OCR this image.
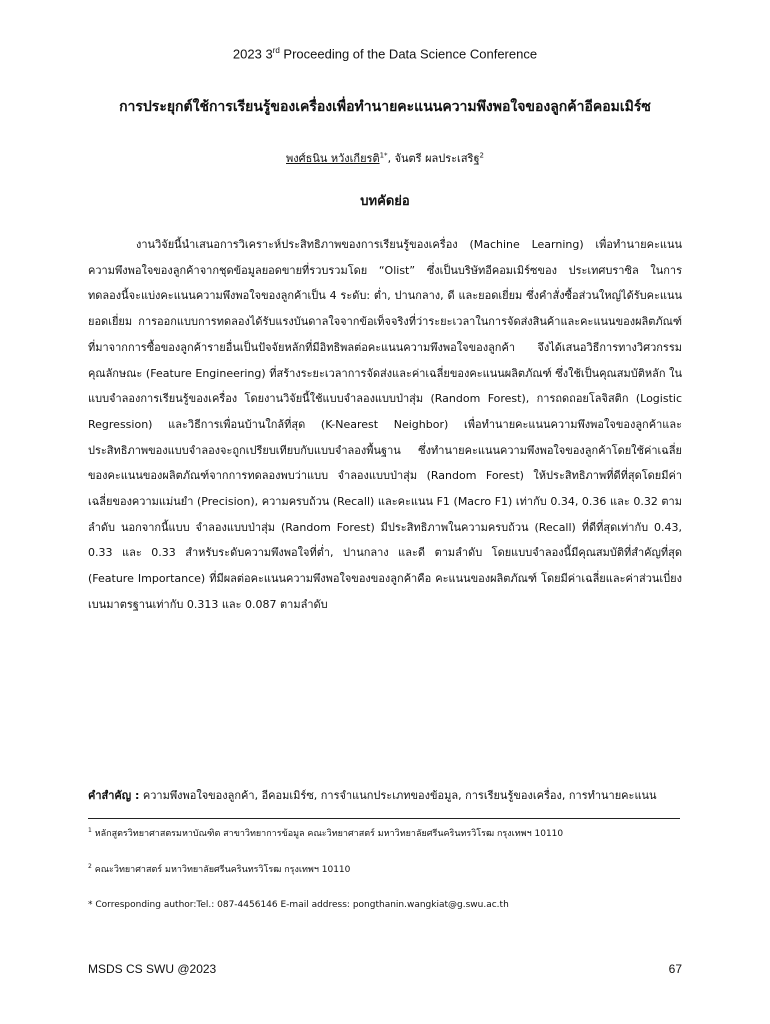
2023 3rd Proceeding of the Data Science Conference
การประยุกต์ใช้การเรียนรู้ของเครื่องเพื่อทำนายคะแนนความพึงพอใจของลูกค้าอีคอมเมิร์ซ
พงศ์ธนิน หวังเกียรติ$^{1*}$, จันตรี ผลประเสริฐ$^2$
บทคัดย่อ

งานวิจัยนี้นำเสนอการวิเคราะห์ประสิทธิภาพของการเรียนรู้ของเครื่อง (Machine Learning) เพื่อทำนายคะแนนความพึงพอใจของลูกค้าจากชุดข้อมูลยอดขายที่รวบรวมโดย “Olist” ซึ่งเป็นบริษัทอีคอมเมิร์ซของ ประเทศบราซิล ในการทดลองนี้จะแบ่งคะแนนความพึงพอใจของลูกค้าเป็น 4 ระดับ: ต่ำ, ปานกลาง, ดี และยอดเยี่ยม ซึ่งคำสั่งซื้อส่วนใหญ่ได้รับคะแนนยอดเยี่ยม การออกแบบการทดลองได้รับแรงบันดาลใจจากข้อเท็จจริงที่ว่าระยะเวลาในการจัดส่งสินค้าและคะแนนของผลิตภัณฑ์ที่มาจากการซื้อของลูกค้ารายอื่นเป็นปัจจัยหลักที่มีอิทธิพลต่อคะแนนความพึงพอใจของลูกค้า จึงได้เสนอวิธีการทางวิศวกรรมคุณลักษณะ (Feature Engineering) ที่สร้างระยะเวลาการจัดส่งและค่าเฉลี่ยของคะแนนผลิตภัณฑ์ ซึ่งใช้เป็นคุณสมบัติหลัก ในแบบจำลองการเรียนรู้ของเครื่อง โดยงานวิจัยนี้ใช้แบบจำลองแบบป่าสุ่ม (Random Forest), การถดถอยโลจิสติก (Logistic Regression) และวิธีการเพื่อนบ้านใกล้ที่สุด (K-Nearest Neighbor) เพื่อทำนายคะแนนความพึงพอใจของลูกค้าและประสิทธิภาพของแบบจำลองจะถูกเปรียบเทียบกับแบบจำลองพื้นฐาน ซึ่งทำนายคะแนนความพึงพอใจของลูกค้าโดยใช้ค่าเฉลี่ยของคะแนนของผลิตภัณฑ์จากการทดลองพบว่าแบบ จำลองแบบป่าสุ่ม (Random Forest) ให้ประสิทธิภาพที่ดีที่สุดโดยมีค่าเฉลี่ยของความแม่นยำ (Precision), ความครบถ้วน (Recall) และคะแนน F1 (Macro F1) เท่ากับ 0.34, 0.36 และ 0.32 ตามลำดับ นอกจากนี้แบบ จำลองแบบป่าสุ่ม (Random Forest) มีประสิทธิภาพในความครบถ้วน (Recall) ที่ดีที่สุดเท่ากับ 0.43, 0.33 และ 0.33 สำหรับระดับความพึงพอใจที่ต่ำ, ปานกลาง และดี ตามลำดับ โดยแบบจำลองนี้มีคุณสมบัติที่สำคัญที่สุด (Feature Importance) ที่มีผลต่อคะแนนความพึงพอใจของของลูกค้าคือ คะแนนของผลิตภัณฑ์ โดยมีค่าเฉลี่ยและค่าส่วนเบี่ยงเบนมาตรฐานเท่ากับ 0.313 และ 0.087 ตามลำดับ

คำสำคัญ : ความพึงพอใจของลูกค้า, อีคอมเมิร์ซ, การจำแนกประเภทของข้อมูล, การเรียนรู้ของเครื่อง, การทำนายคะแนน
$^1$ หลักสูตรวิทยาศาสตรมหาบัณฑิต สาขาวิทยาการข้อมูล คณะวิทยาศาสตร์ มหาวิทยาลัยศรีนครินทรวิโรฒ กรุงเทพฯ 10110
$^2$ คณะวิทยาศาสตร์ มหาวิทยาลัยศรีนครินทรวิโรฒ กรุงเทพฯ 10110
* Corresponding author:Tel.: 087-4456146 E-mail address: pongthanin.wangkiat@g.swu.ac.th
MSDS CS SWU @2023	67
